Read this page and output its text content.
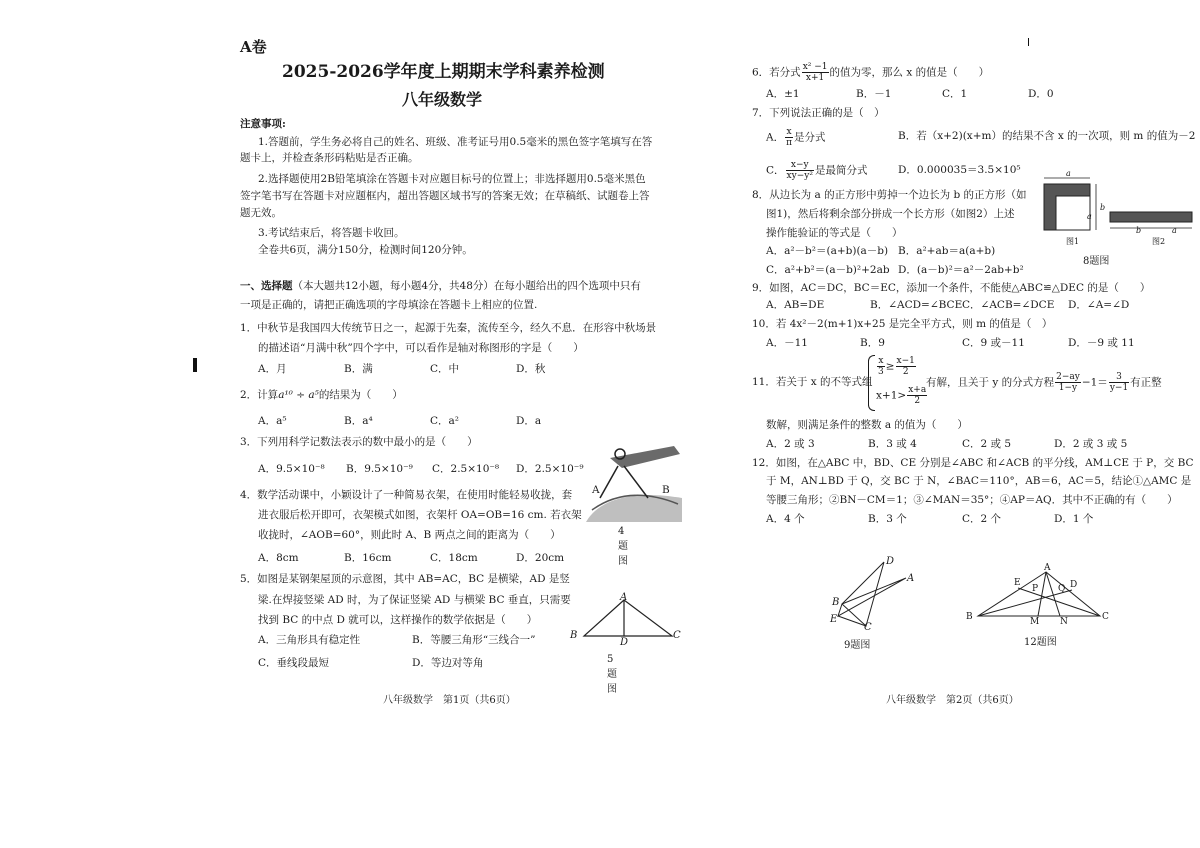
A卷
2025-2026学年度上期期末学科素养检测
八年级数学
注意事项:
1.答题前，学生务必将自己的姓名、班级、准考证号用0.5毫米的黑色签字笔填写在答
题卡上，并检查条形码粘贴是否正确。
2.选择题使用2B铅笔填涂在答题卡对应题目标号的位置上；非选择题用0.5毫米黑色
签字笔书写在答题卡对应题框内，超出答题区域书写的答案无效；在草稿纸、试题卷上答
题无效。
3.考试结束后，将答题卡收回。
全卷共6页，满分150分，检测时间120分钟。
一、选择题（本大题共12小题，每小题4分，共48分）在每小题给出的四个选项中只有
一项是正确的，请把正确选项的字母填涂在答题卡上相应的位置.
1．中秋节是我国四大传统节日之一，起源于先秦，流传至今，经久不息．在形容中秋场景
的描述语“月满中秋”四个字中，可以看作是轴对称图形的字是（　　）
A．月	B．满	C．中	D．秋
2．计算a¹⁰ ÷ a⁵的结果为（　　）
A．a⁵	B．a⁴	C．a²	D．a
3．下列用科学记数法表示的数中最小的是（　　）
A．9.5×10⁻⁸ B．9.5×10⁻⁹ C．2.5×10⁻⁸ D．2.5×10⁻⁹
A	B
4题图
4．数学活动课中，小颖设计了一种简易衣架，在使用时能轻易收拢，套
进衣服后松开即可，衣架模式如图，衣架杆 OA=OB=16 cm. 若衣架
收拢时，∠AOB=60°，则此时 A、B 两点之间的距离为（　　）
A．8cm	B．16cm	C．18cm	D．20cm
5．如图是某钢架屋顶的示意图，其中 AB=AC，BC 是横梁，AD 是竖
梁.在焊接竖梁 AD 时，为了保证竖梁 AD 与横梁 BC 垂直，只需要
找到 BC 的中点 D 就可以，这样操作的数学依据是（　　）
A．三角形具有稳定性	B．等腰三角形“三线合一”
C．垂线段最短	D．等边对等角
A
B
D
C
5题图
八年级数学　第1页（共6页）
6．若分式 $\frac{\text{x² −1}}{x+1}$ 的值为零，那么 x 的值是（　　）
A．±1	B．－1	C．1	D．0
7．下列说法正确的是（　）
A． $\frac{x}{\pi}$ 是分式	B．若（x+2)(x+m）的结果不含 x 的一次项，则 m 的值为－2
C． $\frac{x-y}{\text{xy−y²}}$ 是最简分式	D．0.000035＝3.5×10⁵
8．从边长为 a 的正方形中剪掉一个边长为 b 的正方形（如
图1)，然后将剩余部分拼成一个长方形（如图2）上述
操作能验证的等式是（　　）
A．a²－b²＝(a+b)(a－b) B．a²+ab＝a(a+b)
C．a²+b²＝(a－b)²+2ab D．(a－b)²＝a²－2ab+b²
a
b
a
b	a
图1	图2
8题图
9．如图，AC＝DC，BC＝EC，添加一个条件，不能使△ABC≌△DEC 的是（　　）
A．AB=DE	B．∠ACD=∠BCE C．∠ACB=∠DCE D．∠A=∠D
10．若 4x²－2(m+1)x+25 是完全平方式，则 m 的值是（　）
A．－11	B．9	C．9 或－11	D．－9 或 11
11．若关于 x 的不等式组
$\frac{x}{3} \ge \frac{x-1}{2}$
$x+1> \frac{x+a}{2}$
有解，且关于 y 的分式方程 $\frac{2-ay}{1-y} -1= \frac{3}{y-1}$ 有正整
数解，则满足条件的整数 a 的值为（　　）
A．2 或 3	B．3 或 4	C．2 或 5	D．2 或 3 或 5
12．如图，在△ABC 中，BD、CE 分别是∠ABC 和∠ACB 的平分线，AM⊥CE 于 P，交 BC
于 M，AN⊥BD 于 Q，交 BC 于 N，∠BAC＝110°，AB＝6，AC＝5，结论①△AMC 是
等腰三角形；②BN－CM＝1；③∠MAN＝35°；④AP＝AQ．其中不正确的有（　　）
A．4 个	B．3 个	C．2 个	D．1 个
D
A
B
E
C
9题图
A
E
P Q D
B	M N	C
12题图
八年级数学　第2页（共6页）
